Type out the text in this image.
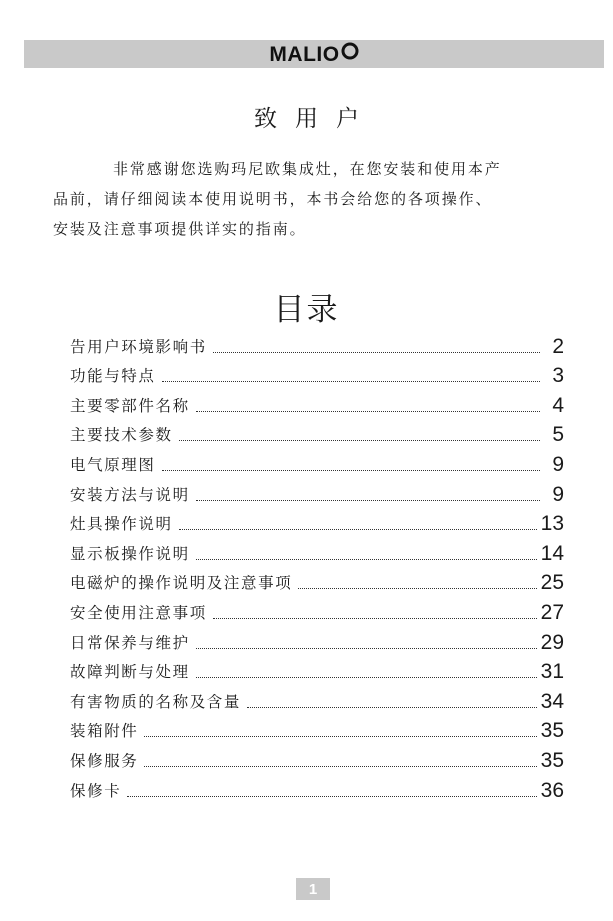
MALIO
致用户
非常感谢您选购玛尼欧集成灶，在您安装和使用本产
品前，请仔细阅读本使用说明书，本书会给您的各项操作、
安装及注意事项提供详实的指南。
目录
告用户环境影响书	2
功能与特点	3
主要零部件名称	4
主要技术参数	5
电气原理图	9
安装方法与说明	9
灶具操作说明	13
显示板操作说明	14
电磁炉的操作说明及注意事项	25
安全使用注意事项	27
日常保养与维护	29
故障判断与处理	31
有害物质的名称及含量	34
装箱附件	35
保修服务	35
保修卡	36
1
